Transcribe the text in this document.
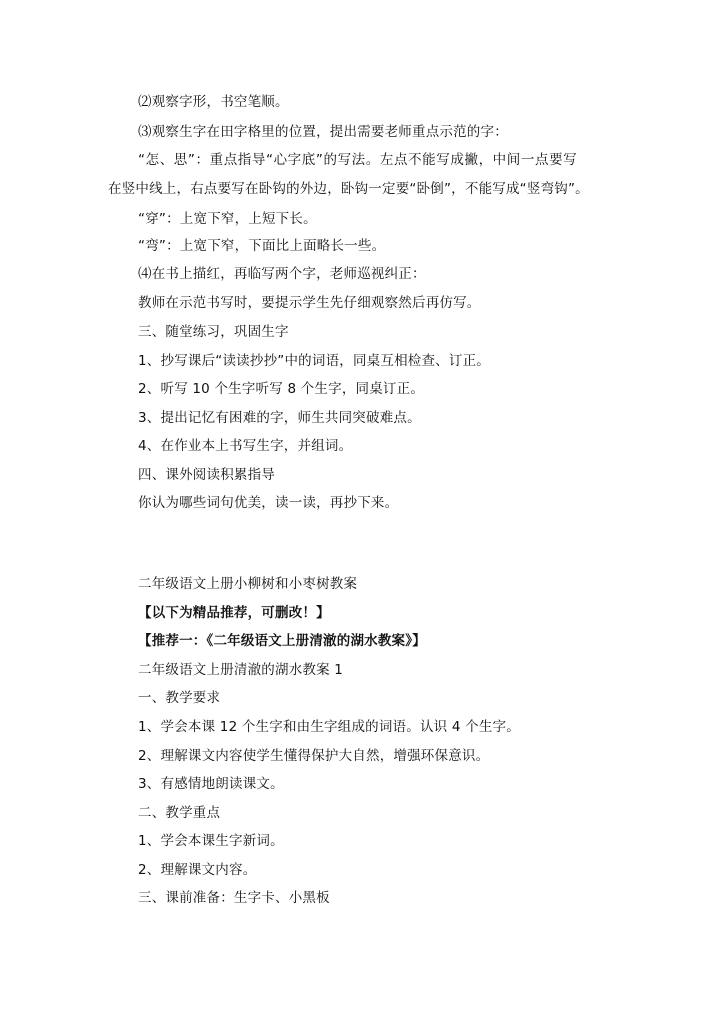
⑵观察字形，书空笔顺。
⑶观察生字在田字格里的位置，提出需要老师重点示范的字：
“怎、思”：重点指导“心字底”的写法。左点不能写成撇，中间一点要写
在竖中线上，右点要写在卧钩的外边，卧钩一定要“卧倒”，不能写成“竖弯钩”。
“穿”：上宽下窄，上短下长。
“弯”：上宽下窄，下面比上面略长一些。
⑷在书上描红，再临写两个字，老师巡视纠正：
教师在示范书写时，要提示学生先仔细观察然后再仿写。
三、随堂练习，巩固生字
1、抄写课后“读读抄抄”中的词语，同桌互相检查、订正。
2、听写 10 个生字听写 8 个生字，同桌订正。
3、提出记忆有困难的字，师生共同突破难点。
4、在作业本上书写生字，并组词。
四、课外阅读积累指导
你认为哪些词句优美，读一读，再抄下来。
二年级语文上册小柳树和小枣树教案
【以下为精品推荐，可删改！】
【推荐一：《二年级语文上册清澈的湖水教案》】
二年级语文上册清澈的湖水教案 1
一、教学要求
1、学会本课 12 个生字和由生字组成的词语。认识 4 个生字。
2、理解课文内容使学生懂得保护大自然，增强环保意识。
3、有感情地朗读课文。
二、教学重点
1、学会本课生字新词。
2、理解课文内容。
三、课前准备：生字卡、小黑板
